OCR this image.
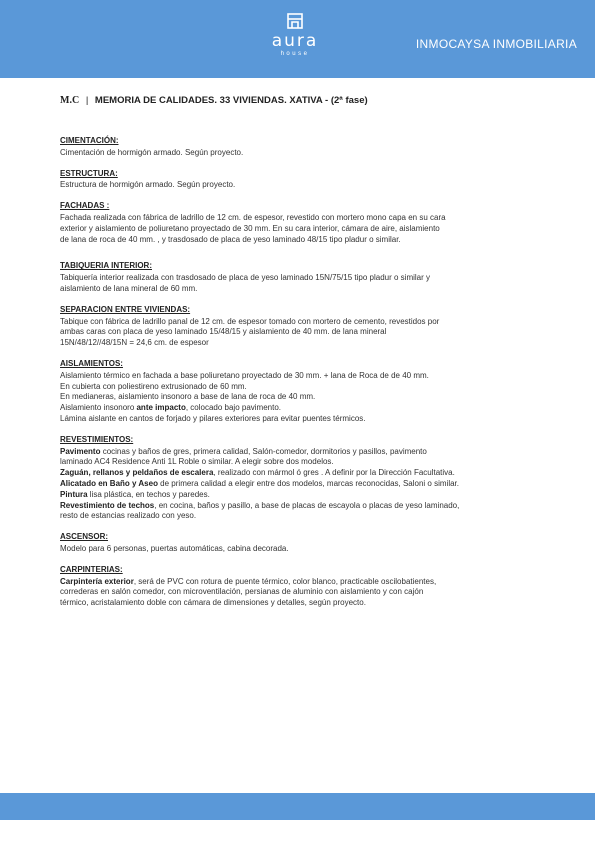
aura
house
INMOCAYSA INMOBILIARIA
M.C | MEMORIA DE CALIDADES. 33 VIVIENDAS. XATIVA - (2ª fase)
CIMENTACIÓN:
Cimentación de hormigón armado. Según proyecto.
ESTRUCTURA:
Estructura de hormigón armado. Según proyecto.
FACHADAS :
Fachada realizada con fábrica de ladrillo de 12 cm. de espesor, revestido con mortero mono capa en su cara
exterior y aislamiento de poliuretano proyectado de 30 mm. En su cara interior, cámara de aire, aislamiento
de lana de roca de 40 mm. , y trasdosado de placa de yeso laminado 48/15 tipo pladur o similar.
TABIQUERIA INTERIOR:
Tabiquería interior realizada con trasdosado de placa de yeso laminado 15N/75/15 tipo pladur o similar y
aislamiento de lana mineral de 60 mm.
SEPARACION ENTRE VIVIENDAS:
Tabique con fábrica de ladrillo panal de 12 cm. de espesor tomado con mortero de cemento, revestidos por
ambas caras con placa de yeso laminado 15/48/15 y aislamiento de 40 mm. de lana mineral
15N/48/12//48/15N = 24,6 cm. de espesor
AISLAMIENTOS:
Aislamiento térmico en fachada a base poliuretano proyectado de 30 mm. + lana de Roca de de 40 mm.
En cubierta con poliestireno extrusionado de 60 mm.
En medianeras, aislamiento insonoro a base de lana de roca de 40 mm.
Aislamiento insonoro ante impacto, colocado bajo pavimento.
Lámina aislante en cantos de forjado y pilares exteriores para evitar puentes térmicos.
REVESTIMIENTOS:
Pavimento cocinas y baños de gres, primera calidad, Salón-comedor, dormitorios y pasillos, pavimento
laminado AC4 Residence Anti 1L Roble o similar. A elegir sobre dos modelos.
Zaguán, rellanos y peldaños de escalera, realizado con mármol ó gres . A definir por la Dirección Facultativa.
Alicatado en Baño y Aseo de primera calidad a elegir entre dos modelos, marcas reconocidas, Saloni o similar.
Pintura lisa plástica, en techos y paredes.
Revestimiento de techos, en cocina, baños y pasillo, a base de placas de escayola o placas de yeso laminado,
resto de estancias realizado con yeso.
ASCENSOR:
Modelo para 6 personas, puertas automáticas, cabina decorada.
CARPINTERIAS:
Carpintería exterior, será de PVC con rotura de puente térmico, color blanco, practicable oscilobatientes,
correderas en salón comedor, con microventilación, persianas de aluminio con aislamiento y con cajón
térmico, acristalamiento doble con cámara de dimensiones y detalles, según proyecto.
